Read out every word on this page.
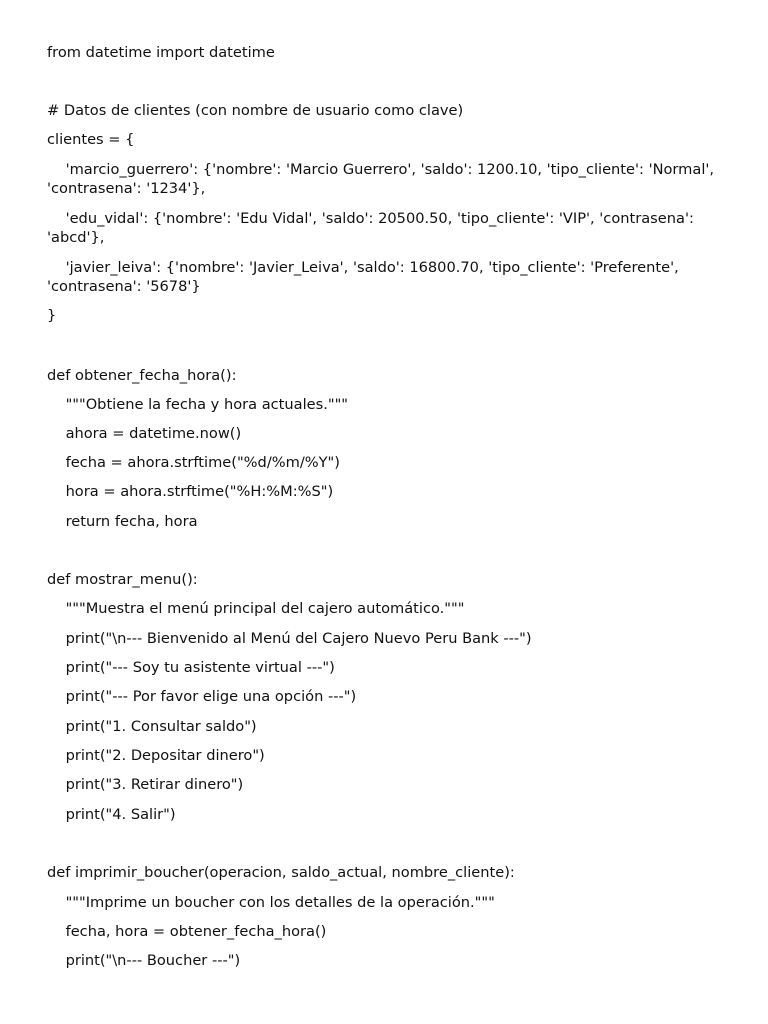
from datetime import datetime

# Datos de clientes (con nombre de usuario como clave)

clientes = {

'marcio_guerrero': {'nombre': 'Marcio Guerrero', 'saldo': 1200.10, 'tipo_cliente': 'Normal', 'contrasena': '1234'},

'edu_vidal': {'nombre': 'Edu Vidal', 'saldo': 20500.50, 'tipo_cliente': 'VIP', 'contrasena': 'abcd'},

'javier_leiva': {'nombre': 'Javier_Leiva', 'saldo': 16800.70, 'tipo_cliente': 'Preferente', 'contrasena': '5678'}

}

def obtener_fecha_hora():

"""Obtiene la fecha y hora actuales."""

ahora = datetime.now()

fecha = ahora.strftime("%d/%m/%Y")

hora = ahora.strftime("%H:%M:%S")

return fecha, hora

def mostrar_menu():

"""Muestra el menú principal del cajero automático."""

print("\n--- Bienvenido al Menú del Cajero Nuevo Peru Bank ---")

print("--- Soy tu asistente virtual ---")

print("--- Por favor elige una opción ---")

print("1. Consultar saldo")

print("2. Depositar dinero")

print("3. Retirar dinero")

print("4. Salir")

def imprimir_boucher(operacion, saldo_actual, nombre_cliente):

"""Imprime un boucher con los detalles de la operación."""

fecha, hora = obtener_fecha_hora()

print("\n--- Boucher ---")
